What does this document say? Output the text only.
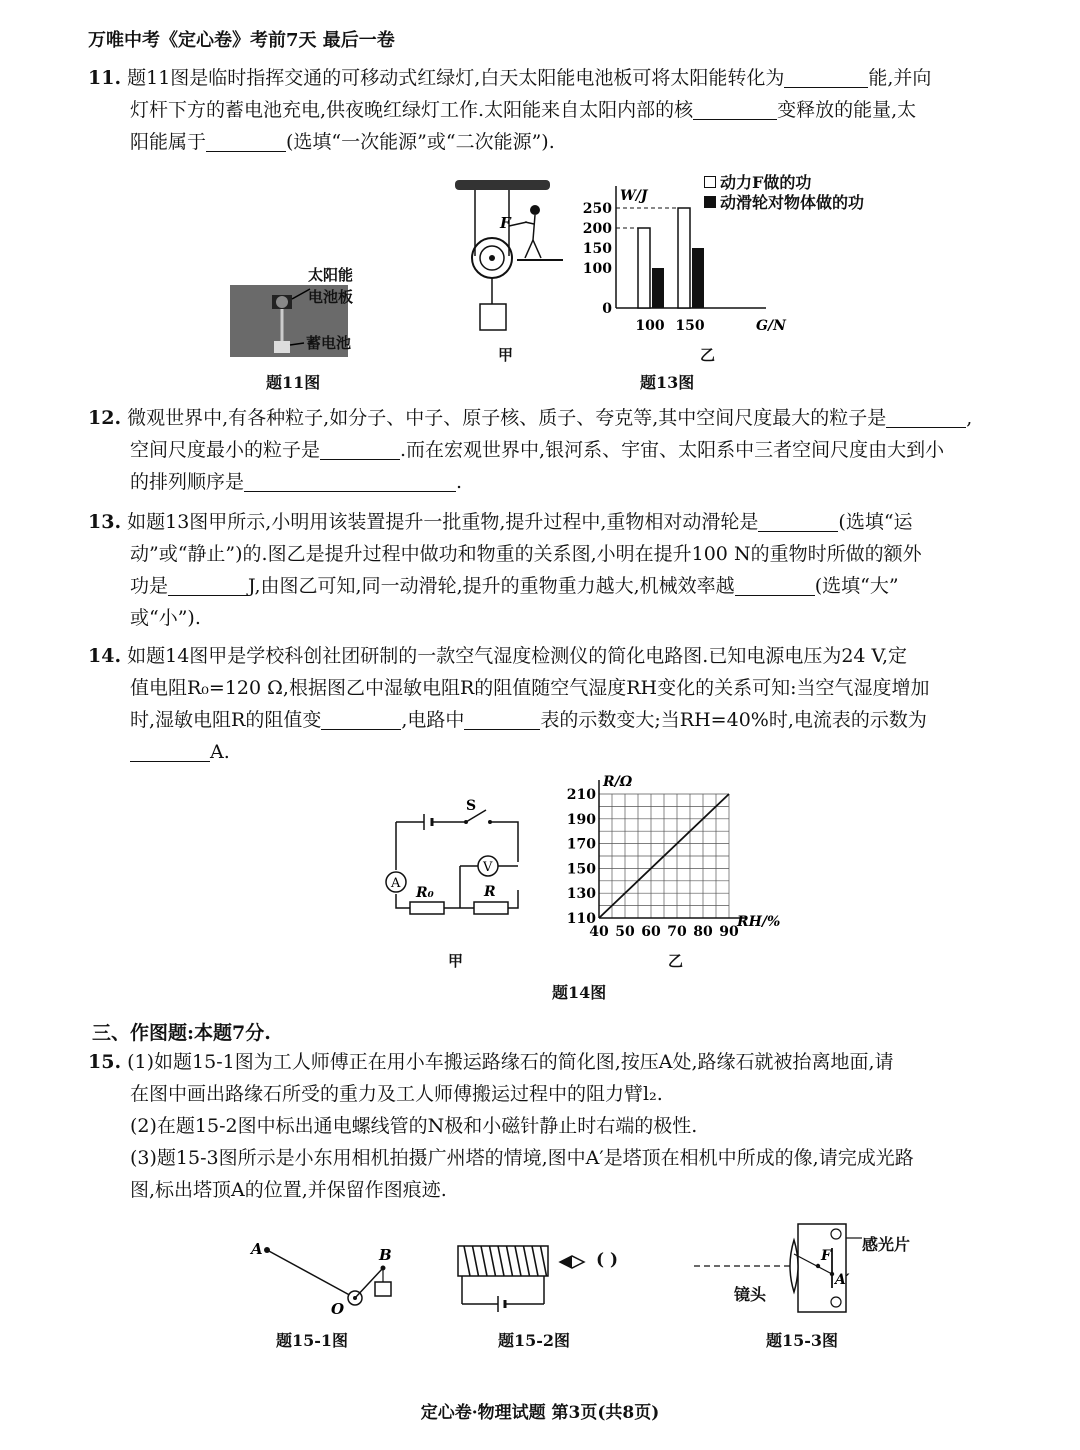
万唯中考《定心卷》考前7天 最后一卷
11. 题11图是临时指挥交通的可移动式红绿灯,白天太阳能电池板可将太阳能转化为	能,并向
灯杆下方的蓄电池充电,供夜晚红绿灯工作.太阳能来自太阳内部的核	变释放的能量,太
阳能属于	(选填“一次能源”或“二次能源”).
太阳能
电池板
蓄电池
题11图
F
甲
W/J
G/N
250
200
150
100
0
100 150
乙
题13图
动力F做的功
动滑轮对物体做的功
12. 微观世界中,有各种粒子,如分子、中子、原子核、质子、夸克等,其中空间尺度最大的粒子是	,
空间尺度最小的粒子是	.而在宏观世界中,银河系、宇宙、太阳系中三者空间尺度由大到小
的排列顺序是	.
13. 如题13图甲所示,小明用该装置提升一批重物,提升过程中,重物相对动滑轮是	(选填“运
动”或“静止”)的.图乙是提升过程中做功和物重的关系图,小明在提升100 N的重物时所做的额外
功是	J,由图乙可知,同一动滑轮,提升的重物重力越大,机械效率越	(选填“大”
或“小”).
14. 如题14图甲是学校科创社团研制的一款空气湿度检测仪的简化电路图.已知电源电压为24 V,定
值电阻R₀=120 Ω,根据图乙中湿敏电阻R的阻值随空气湿度RH变化的关系可知:当空气湿度增加
时,湿敏电阻R的阻值变	,电路中	表的示数变大;当RH=40%时,电流表的示数为
A.
S
A
R₀	R
V
甲
210
190
170
150
130
110
40 50 60 70 80 90
R/Ω
RH/%
乙
题14图
三、作图题:本题7分.
15. (1)如题15-1图为工人师傅正在用小车搬运路缘石的简化图,按压A处,路缘石就被抬离地面,请
在图中画出路缘石所受的重力及工人师傅搬运过程中的阻力臂l₂.
(2)在题15-2图中标出通电螺线管的N极和小磁针静止时右端的极性.
(3)题15-3图所示是小东用相机拍摄广州塔的情境,图中A′是塔顶在相机中所成的像,请完成光路
图,标出塔顶A的位置,并保留作图痕迹.
A	B
O
题15-1图
( )
题15-2图
F
A′
感光片
镜头
题15-3图
定心卷·物理试题 第3页(共8页)
